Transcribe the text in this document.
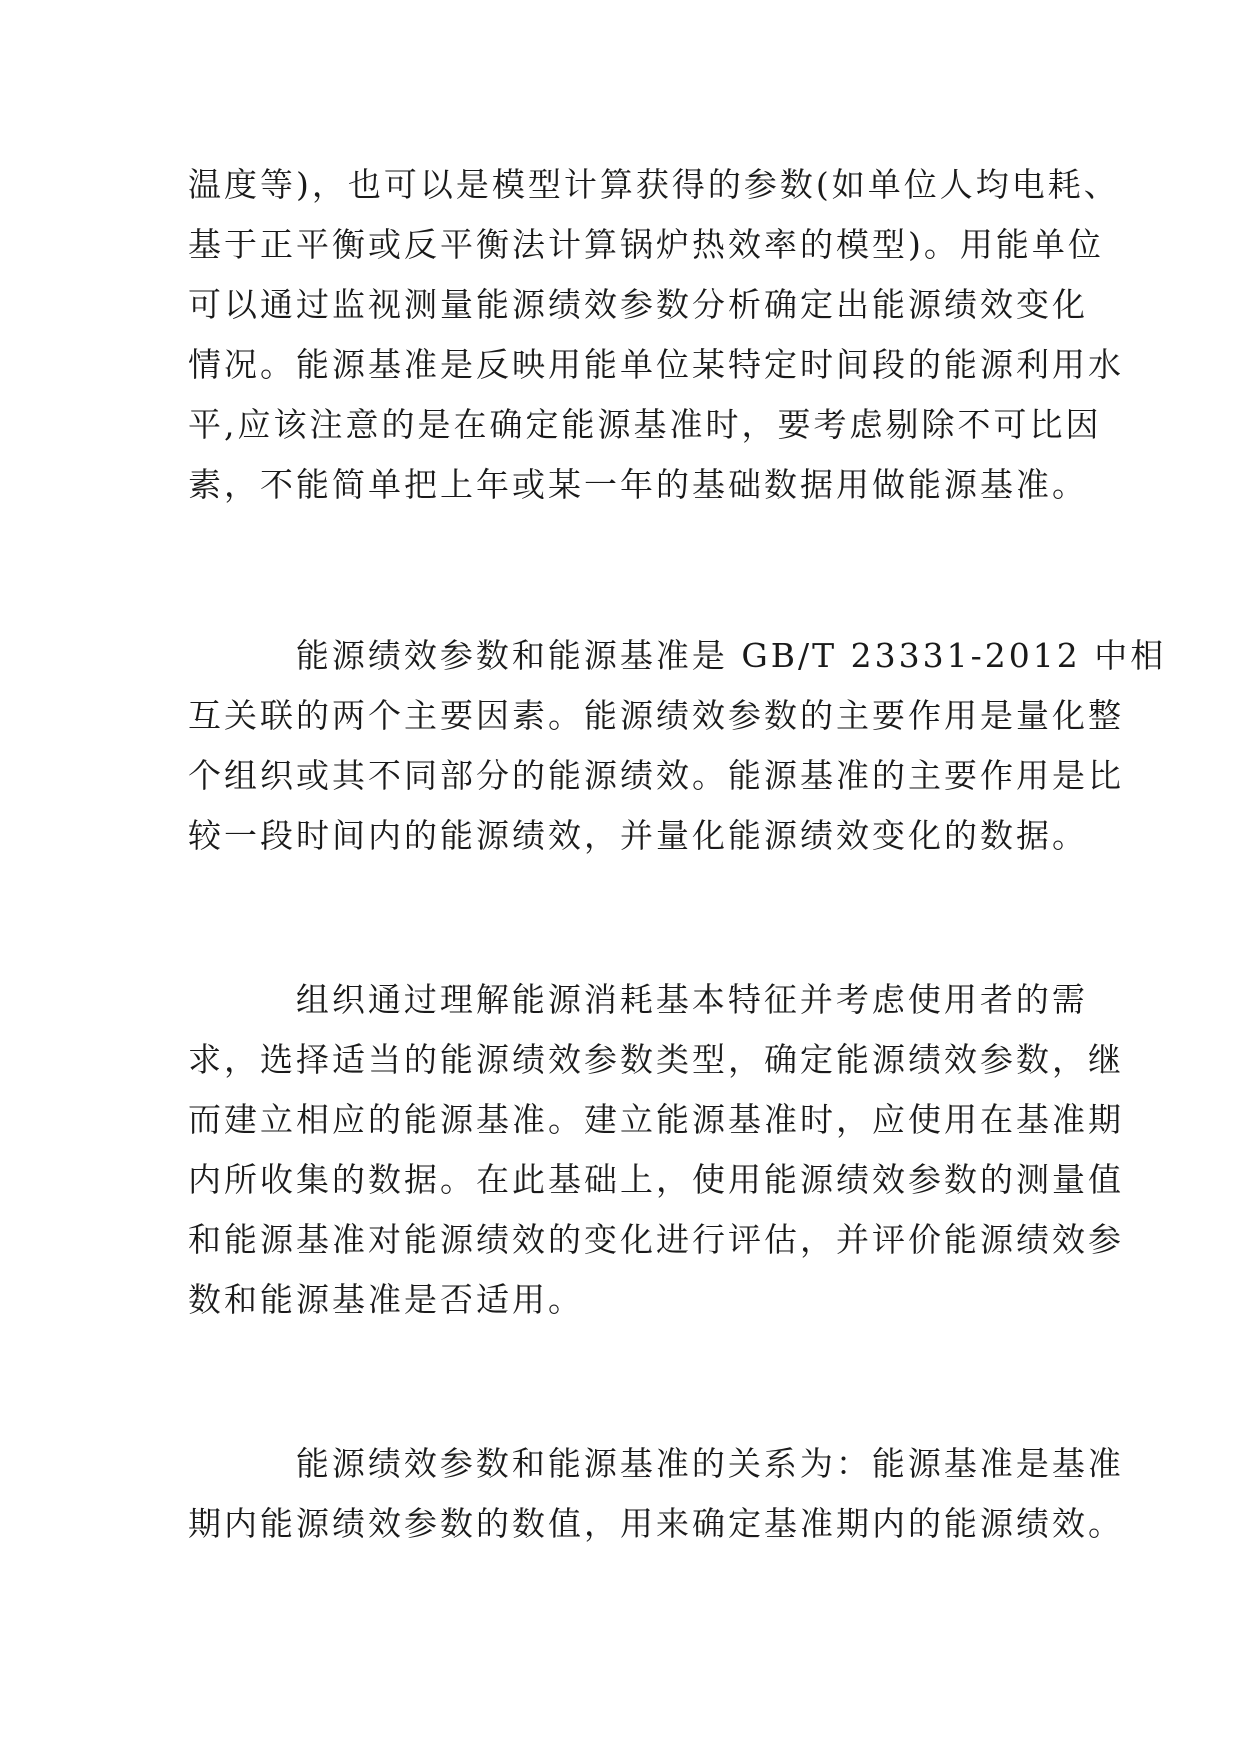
温度等)，也可以是模型计算获得的参数(如单位人均电耗、
基于正平衡或反平衡法计算锅炉热效率的模型)。用能单位
可以通过监视测量能源绩效参数分析确定出能源绩效变化
情况。能源基准是反映用能单位某特定时间段的能源利用水
平,应该注意的是在确定能源基准时，要考虑剔除不可比因
素，不能简单把上年或某一年的基础数据用做能源基准。
能源绩效参数和能源基准是 GB/T 23331-2012 中相
互关联的两个主要因素。能源绩效参数的主要作用是量化整
个组织或其不同部分的能源绩效。能源基准的主要作用是比
较一段时间内的能源绩效，并量化能源绩效变化的数据。
组织通过理解能源消耗基本特征并考虑使用者的需
求，选择适当的能源绩效参数类型，确定能源绩效参数，继
而建立相应的能源基准。建立能源基准时，应使用在基准期
内所收集的数据。在此基础上，使用能源绩效参数的测量值
和能源基准对能源绩效的变化进行评估，并评价能源绩效参
数和能源基准是否适用。
能源绩效参数和能源基准的关系为：能源基准是基准
期内能源绩效参数的数值，用来确定基准期内的能源绩效。
